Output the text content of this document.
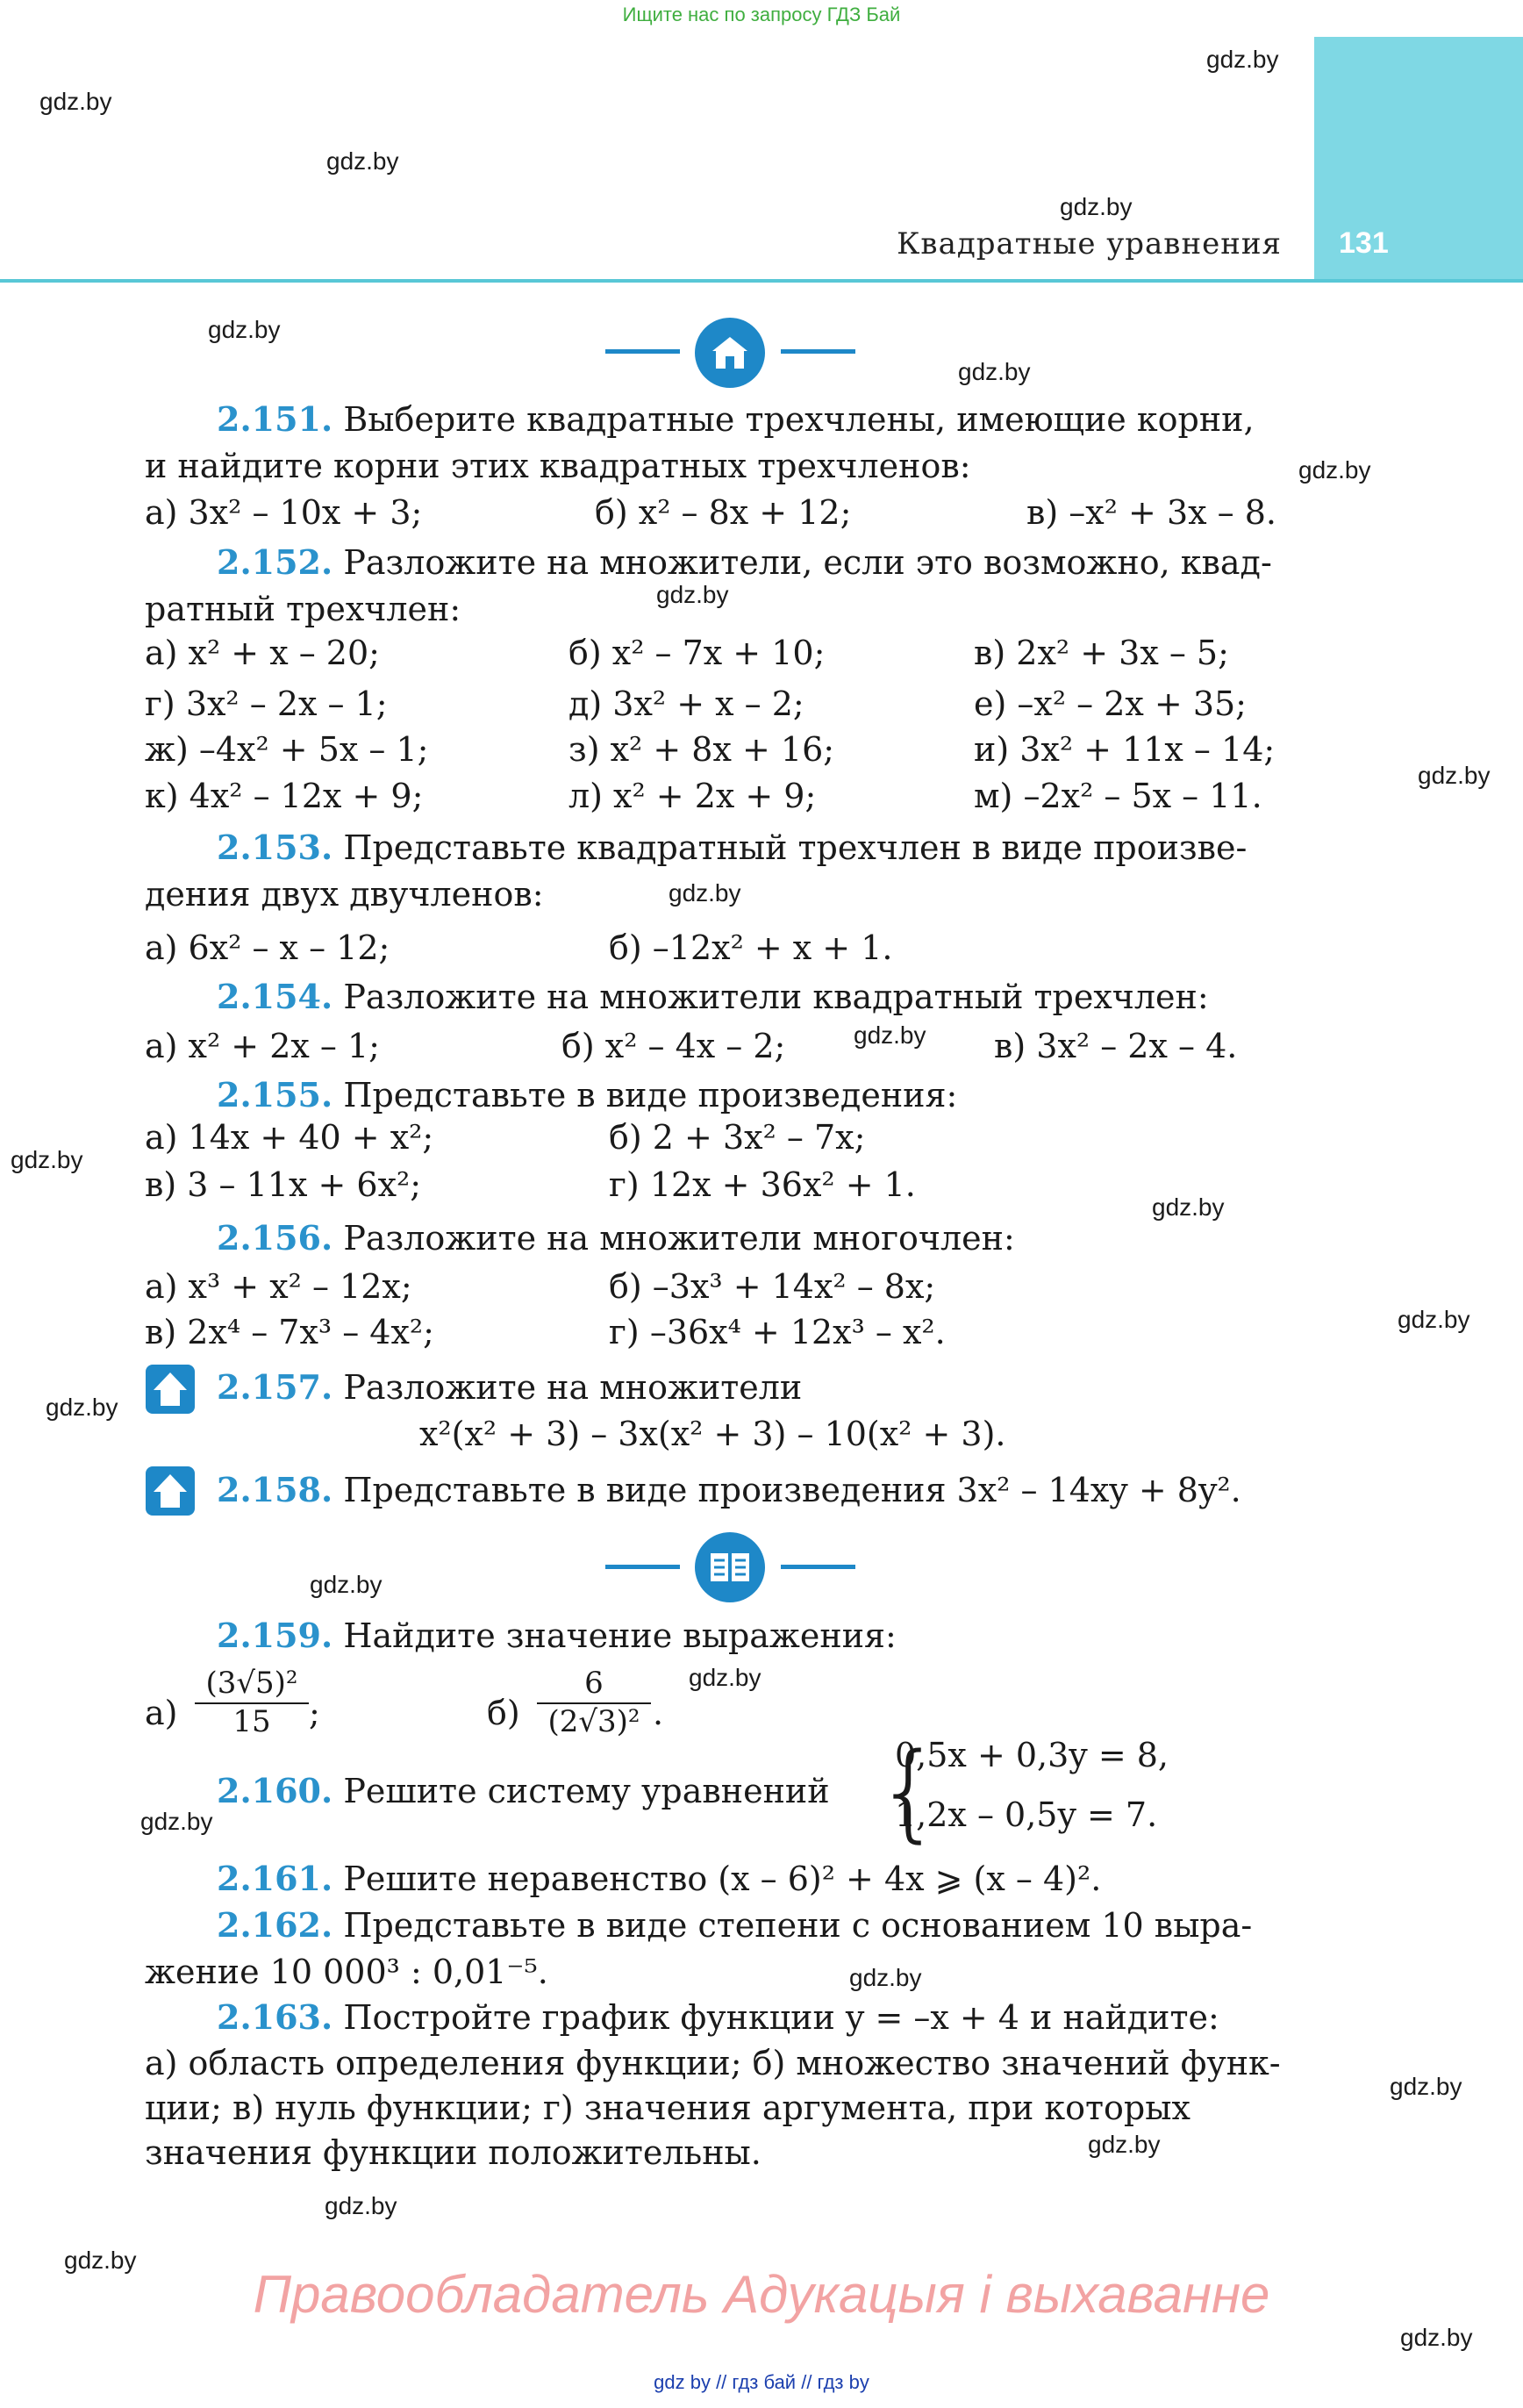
Ищите нас по запросу ГДЗ Бай
131
Квадратные уравнения
gdz.by
gdz.by
gdz.by
gdz.by
gdz.by
gdz.by
gdz.by
gdz.by
gdz.by
gdz.by
gdz.by
gdz.by
gdz.by
gdz.by
gdz.by
gdz.by
gdz.by
gdz.by
gdz.by
gdz.by
gdz.by
gdz.by
gdz.by
gdz.by
2.151. Выберите квадратные трехчлены, имеющие корни,
и найдите корни этих квадратных трехчленов:
а) 3x² – 10x + 3;	б) x² – 8x + 12;	в) –x² + 3x – 8.
2.152. Разложите на множители, если это возможно, квад-
ратный трехчлен:
а) x² + x – 20;	б) x² – 7x + 10;	в) 2x² + 3x – 5;
г) 3x² – 2x – 1;	д) 3x² + x – 2;	е) –x² – 2x + 35;
ж) –4x² + 5x – 1;	з) x² + 8x + 16;	и) 3x² + 11x – 14;
к) 4x² – 12x + 9;	л) x² + 2x + 9;	м) –2x² – 5x – 11.
2.153. Представьте квадратный трехчлен в виде произве-
дения двух двучленов:
а) 6x² – x – 12;	б) –12x² + x + 1.
2.154. Разложите на множители квадратный трехчлен:
а) x² + 2x – 1;	б) x² – 4x – 2;	в) 3x² – 2x – 4.
2.155. Представьте в виде произведения:
а) 14x + 40 + x²;	б) 2 + 3x² – 7x;
в) 3 – 11x + 6x²;	г) 12x + 36x² + 1.
2.156. Разложите на множители многочлен:
а) x³ + x² – 12x;	б) –3x³ + 14x² – 8x;
в) 2x⁴ – 7x³ – 4x²;	г) –36x⁴ + 12x³ – x².
2.157. Разложите на множители
x²(x² + 3) – 3x(x² + 3) – 10(x² + 3).
2.158. Представьте в виде произведения 3x² – 14xy + 8y².
2.159. Найдите значение выражения:
а)
(3√5)²
15	;	б)
6
(2√3)² .
2.160. Решите систему уравнений {
0,5x + 0,3y = 8,
1,2x – 0,5y = 7.
2.161. Решите неравенство (x – 6)² + 4x ⩾ (x – 4)².
2.162. Представьте в виде степени с основанием 10 выра-
жение 10 000³ : 0,01⁻⁵.
2.163. Постройте график функции y = –x + 4 и найдите:
а) область определения функции; б) множество значений функ-
ции; в) нуль функции; г) значения аргумента, при которых
значения функции положительны.
Правообладатель Адукацыя і выхаванне
gdz by // гдз бай // гдз by
